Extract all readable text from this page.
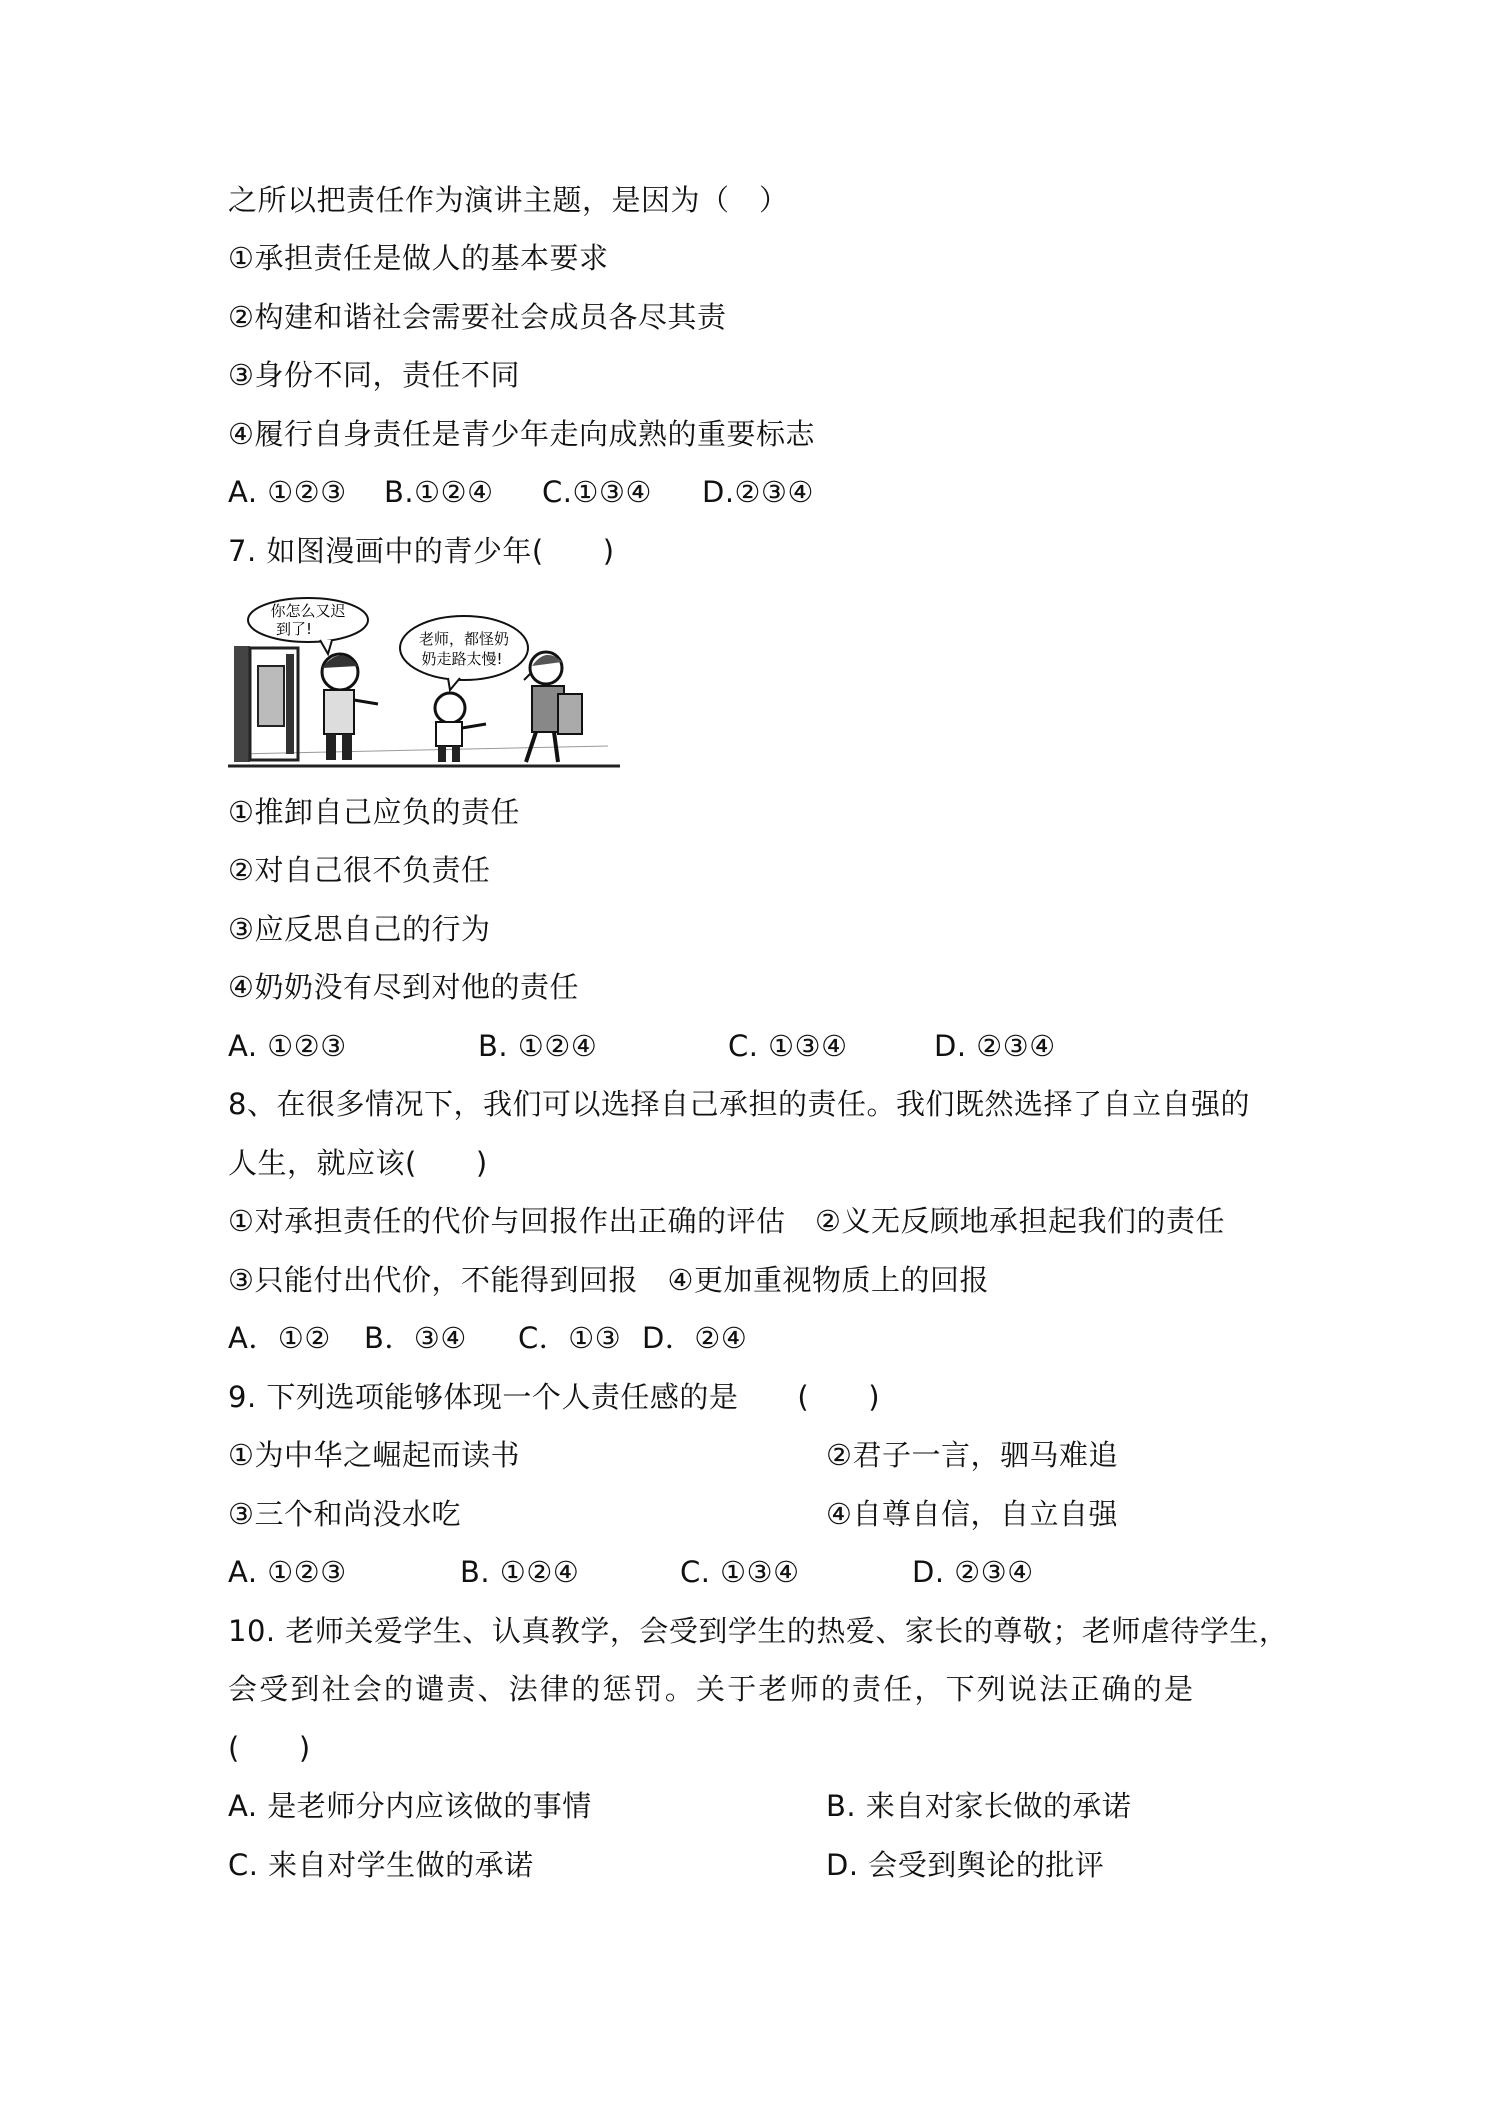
之所以把责任作为演讲主题，是因为（　）
①承担责任是做人的基本要求
②构建和谐社会需要社会成员各尽其责
③身份不同，责任不同
④履行自身责任是青少年走向成熟的重要标志
A. ①②③ B.①②④ C.①③④ D.②③④
7. 如图漫画中的青少年(　　)
你怎么又迟
到了!
老师，都怪奶
奶走路太慢!
①推卸自己应负的责任
②对自己很不负责任
③应反思自己的行为
④奶奶没有尽到对他的责任
A. ①②③	B. ①②④	C. ①③④	D. ②③④
8、在很多情况下，我们可以选择自己承担的责任。我们既然选择了自立自强的
人生，就应该(　　)
①对承担责任的代价与回报作出正确的评估　②义无反顾地承担起我们的责任
③只能付出代价，不能得到回报　④更加重视物质上的回报
A．①② B．③④ C．①③ D．②④
9. 下列选项能够体现一个人责任感的是　　(　　)
①为中华之崛起而读书	②君子一言，驷马难追
③三个和尚没水吃	④自尊自信，自立自强
A. ①②③	B. ①②④	C. ①③④	D. ②③④
10. 老师关爱学生、认真教学，会受到学生的热爱、家长的尊敬；老师虐待学生，
会受到社会的谴责、法律的惩罚。关于老师的责任，下列说法正确的是
(　　)
A. 是老师分内应该做的事情	B. 来自对家长做的承诺
C. 来自对学生做的承诺	D. 会受到舆论的批评
